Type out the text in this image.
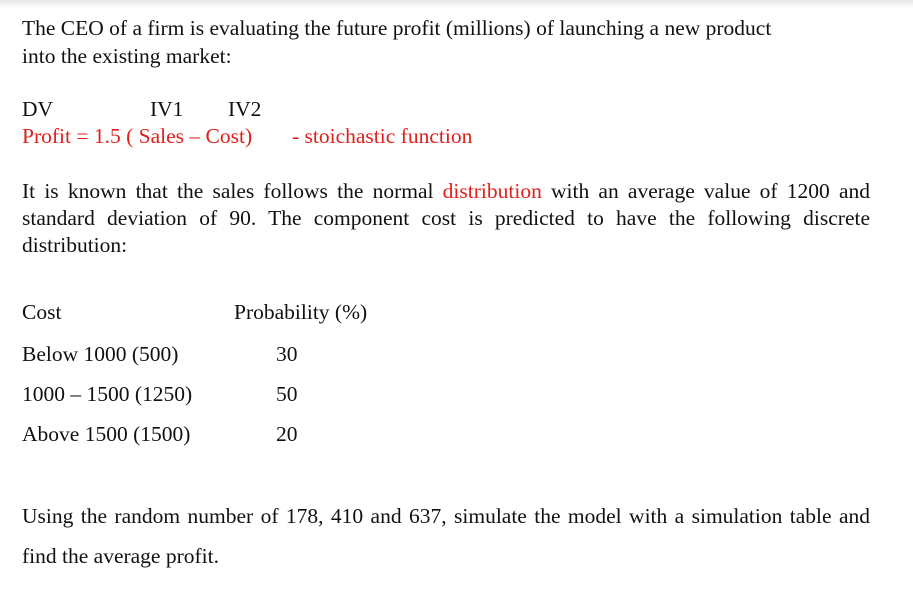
The CEO of a firm is evaluating the future profit (millions) of launching a new product
into the existing market:
DV	IV1 IV2
Profit = 1.5 ( Sales – Cost) - stoichastic function

It is known that the sales follows the normal distribution with an average value of 1200 and standard deviation of 90. The component cost is predicted to have the following discrete distribution:

Cost	Probability (%)
Below 1000 (500)	30
1000 – 1500 (1250)	50
Above 1500 (1500)	20

Using the random number of 178, 410 and 637, simulate the model with a simulation table and find the average profit.
